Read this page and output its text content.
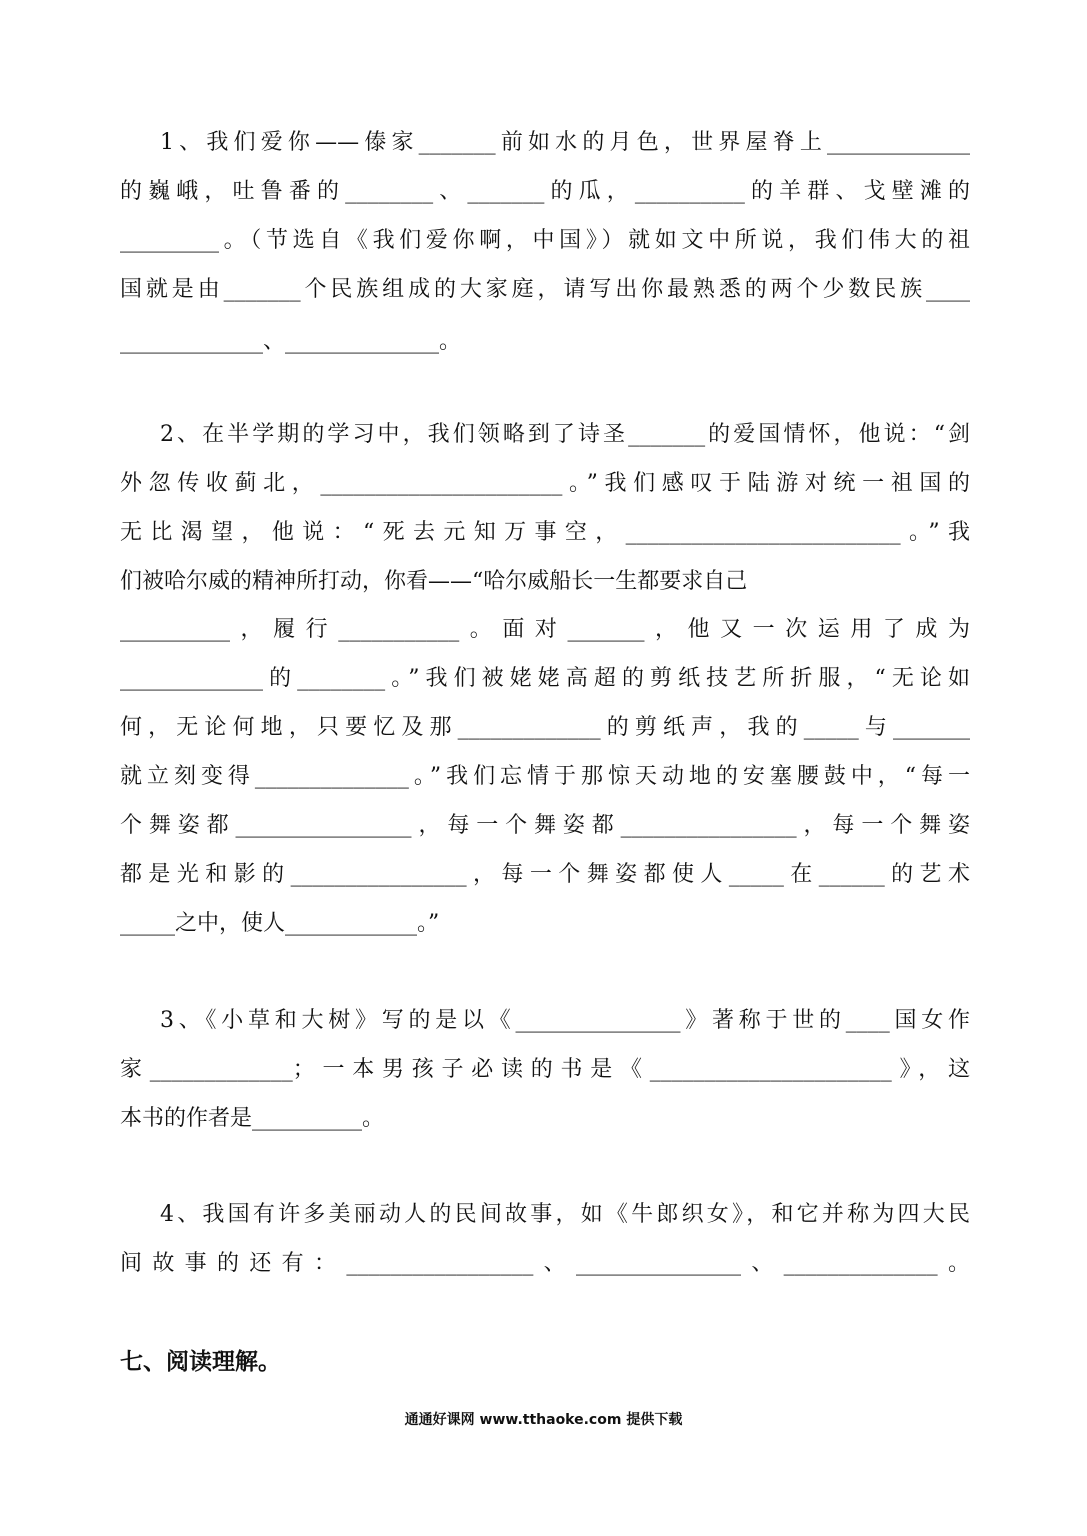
1、我们爱你——傣家_______前如水的月色，世界屋脊上_____________
的巍峨，吐鲁番的________、_______的瓜，__________的羊群、戈壁滩的
_________。（节选自《我们爱你啊，中国》）就如文中所说，我们伟大的祖
国就是由_______个民族组成的大家庭，请写出你最熟悉的两个少数民族____
_____________、______________。
2、在半学期的学习中，我们领略到了诗圣_______的爱国情怀，他说：“剑
外忽传收蓟北，______________________。”我们感叹于陆游对统一祖国的
无比渴望，他说：“死去元知万事空，_________________________。”我
们被哈尔威的精神所打动，你看——“哈尔威船长一生都要求自己
__________，履行___________。面对_______，他又一次运用了成为
_____________的________。”我们被姥姥高超的剪纸技艺所折服，“无论如
何，无论何地，只要忆及那_____________的剪纸声，我的_____与_______
就立刻变得______________。”我们忘情于那惊天动地的安塞腰鼓中，“每一
个舞姿都________________，每一个舞姿都________________，每一个舞姿
都是光和影的________________，每一个舞姿都使人_____在______的艺术
_____之中，使人____________。”
3、《小草和大树》写的是以《_______________》著称于世的____国女作
家_____________；一本男孩子必读的书是《______________________》，这
本书的作者是__________。
4、我国有许多美丽动人的民间故事，如《牛郎织女》，和它并称为四大民
间故事的还有：_________________、_______________、______________。
七、阅读理解。
通通好课网 www.tthaoke.com 提供下载
